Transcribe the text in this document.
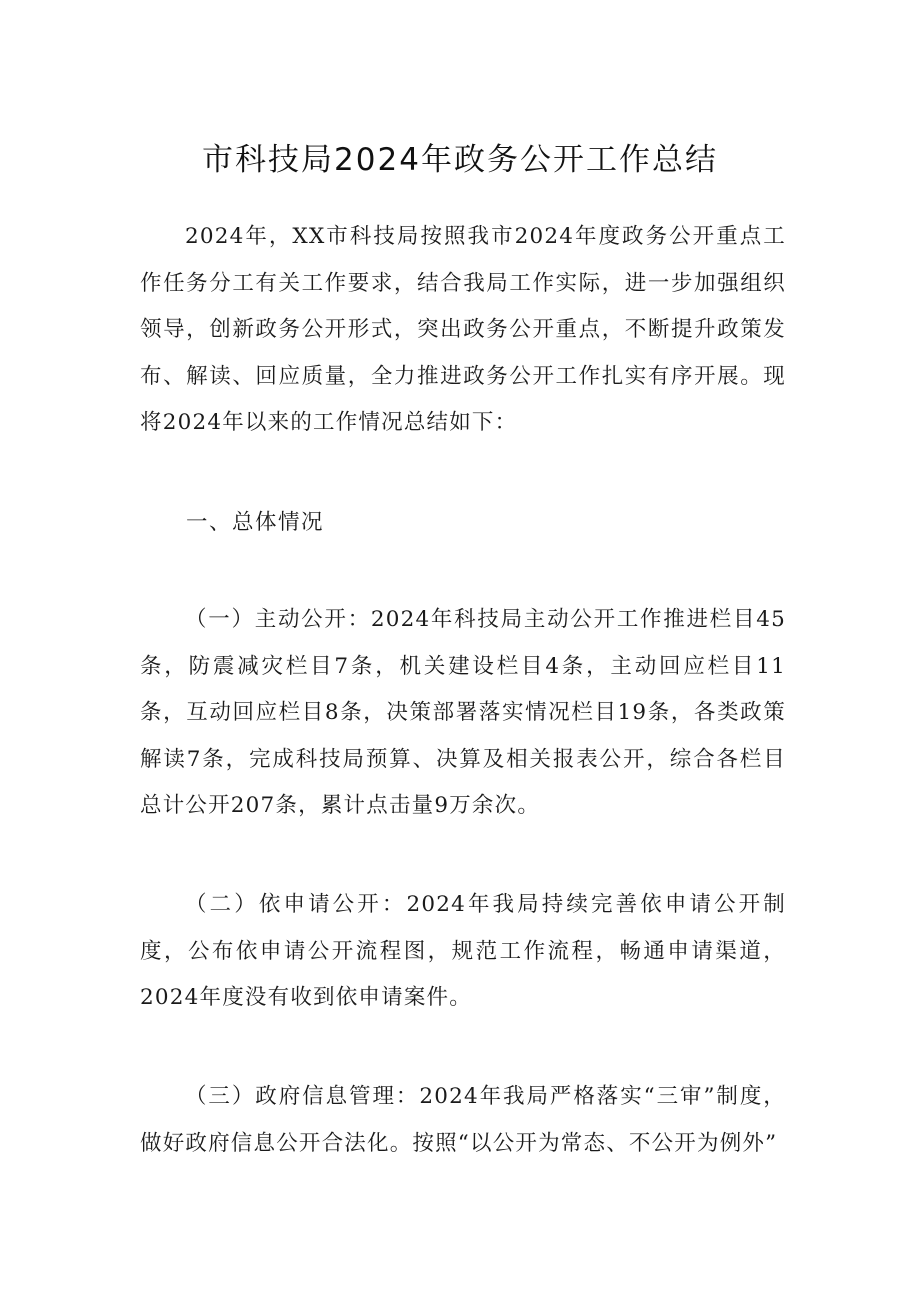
市科技局2024年政务公开工作总结

2024年，XX市科技局按照我市2024年度政务公开重点工作任务分工有关工作要求，结合我局工作实际，进一步加强组织领导，创新政务公开形式，突出政务公开重点，不断提升政策发布、解读、回应质量，全力推进政务公开工作扎实有序开展。现将2024年以来的工作情况总结如下：

一、总体情况

（一）主动公开：2024年科技局主动公开工作推进栏目45条，防震减灾栏目7条，机关建设栏目4条，主动回应栏目11条，互动回应栏目8条，决策部署落实情况栏目19条，各类政策解读7条，完成科技局预算、决算及相关报表公开，综合各栏目总计公开207条，累计点击量9万余次。

（二）依申请公开：2024年我局持续完善依申请公开制度，公布依申请公开流程图，规范工作流程，畅通申请渠道，2024年度没有收到依申请案件。

（三）政府信息管理：2024年我局严格落实“三审”制度，做好政府信息公开合法化。按照“以公开为常态、不公开为例外”
